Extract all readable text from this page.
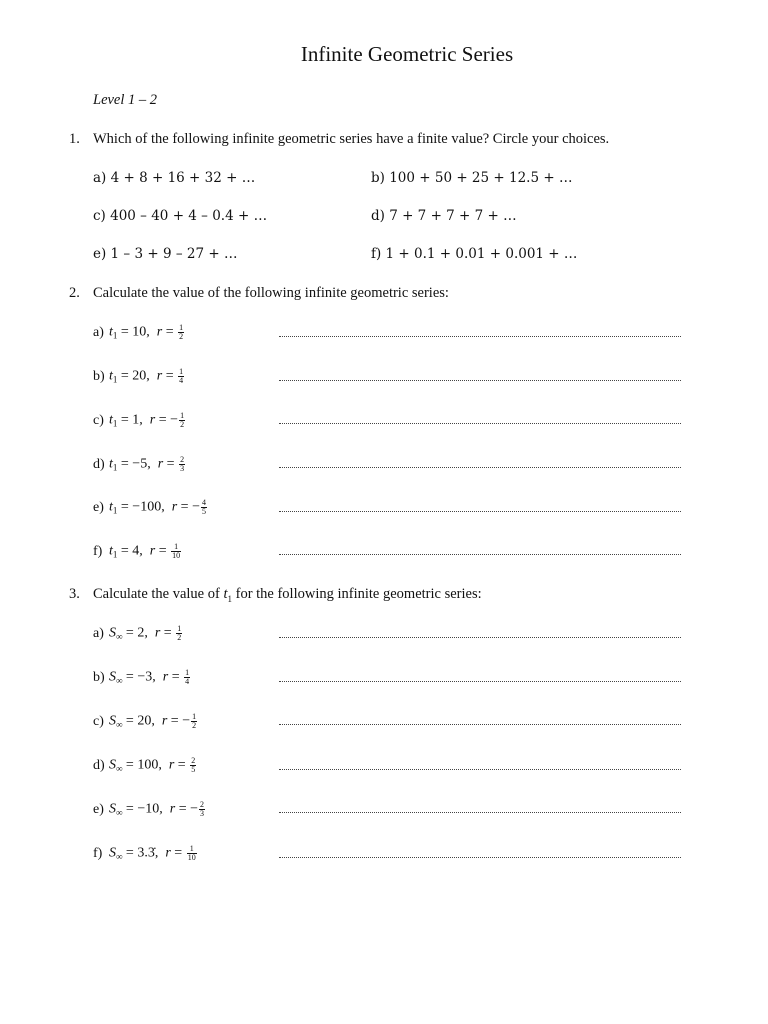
Infinite Geometric Series
Level 1 – 2
1. Which of the following infinite geometric series have a finite value? Circle your choices.
a) 4 + 8 + 16 + 32 + …	b) 100 + 50 + 25 + 12.5 + …
c) 400 – 40 + 4 – 0.4 + …	d) 7 + 7 + 7 + 7 + …
e) 1 – 3 + 9 – 27 + …	f) 1 + 0.1 + 0.01 + 0.001 + …
2. Calculate the value of the following infinite geometric series:
a) $t_1 = 10$,  $r = \frac{1}{2}$
b) $t_1 = 20$,  $r = \frac{1}{4}$
c) $t_1 = 1$,  r = − $\frac{1}{2}$
d) $t_1 = -5$,  $r = \frac{2}{3}$
e) $t_1 = -100$,  r = − $\frac{4}{5}$
f) $t_1 = 4$,  $r = \frac{1}{10}$
3. Calculate the value of $t_1$ for the following infinite geometric series:
a) $S_\infty = 2$,  $r = \frac{1}{2}$
b) $S_\infty = -3$,  $r = \frac{1}{4}$
c) $S_\infty = 20$,  r = − $\frac{1}{2}$
d) $S_\infty = 100$,  $r = \frac{2}{5}$
e) $S_\infty = -10$,  r = − $\frac{2}{3}$
f) $S_\infty$ = 3.3̇,  $r = \frac{1}{10}$
